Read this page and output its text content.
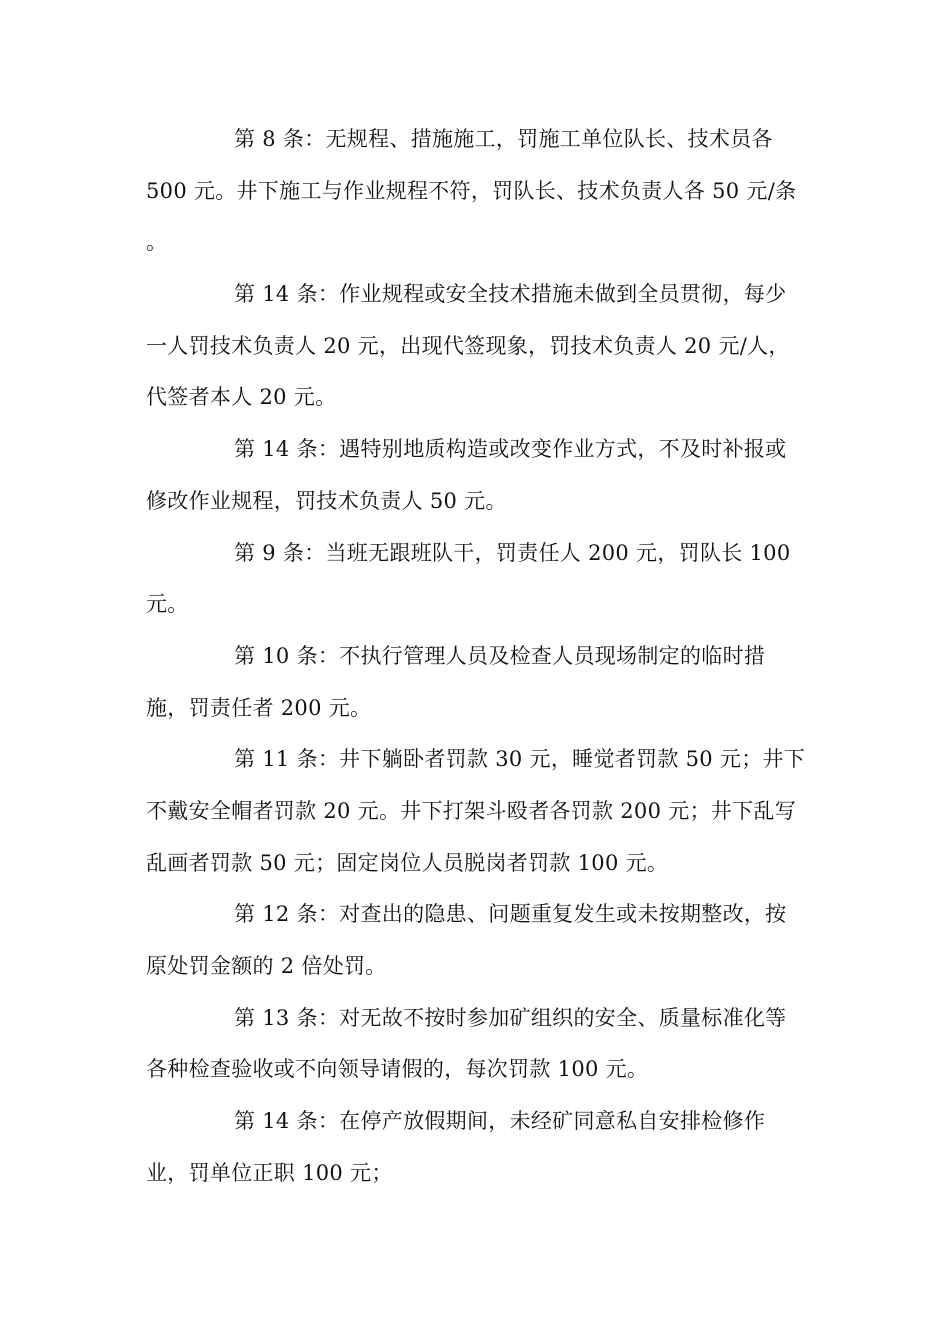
第 8 条：无规程、措施施工，罚施工单位队长、技术员各
500 元。井下施工与作业规程不符，罚队长、技术负责人各 50 元/条
。
第 14 条：作业规程或安全技术措施未做到全员贯彻，每少
一人罚技术负责人 20 元，出现代签现象，罚技术负责人 20 元/人，
代签者本人 20 元。
第 14 条：遇特别地质构造或改变作业方式，不及时补报或
修改作业规程，罚技术负责人 50 元。
第 9 条：当班无跟班队干，罚责任人 200 元，罚队长 100
元。
第 10 条：不执行管理人员及检查人员现场制定的临时措
施，罚责任者 200 元。
第 11 条：井下躺卧者罚款 30 元，睡觉者罚款 50 元；井下
不戴安全帽者罚款 20 元。井下打架斗殴者各罚款 200 元；井下乱写
乱画者罚款 50 元；固定岗位人员脱岗者罚款 100 元。
第 12 条：对查出的隐患、问题重复发生或未按期整改，按
原处罚金额的 2 倍处罚。
第 13 条：对无故不按时参加矿组织的安全、质量标准化等
各种检查验收或不向领导请假的，每次罚款 100 元。
第 14 条：在停产放假期间，未经矿同意私自安排检修作
业，罚单位正职 100 元；
